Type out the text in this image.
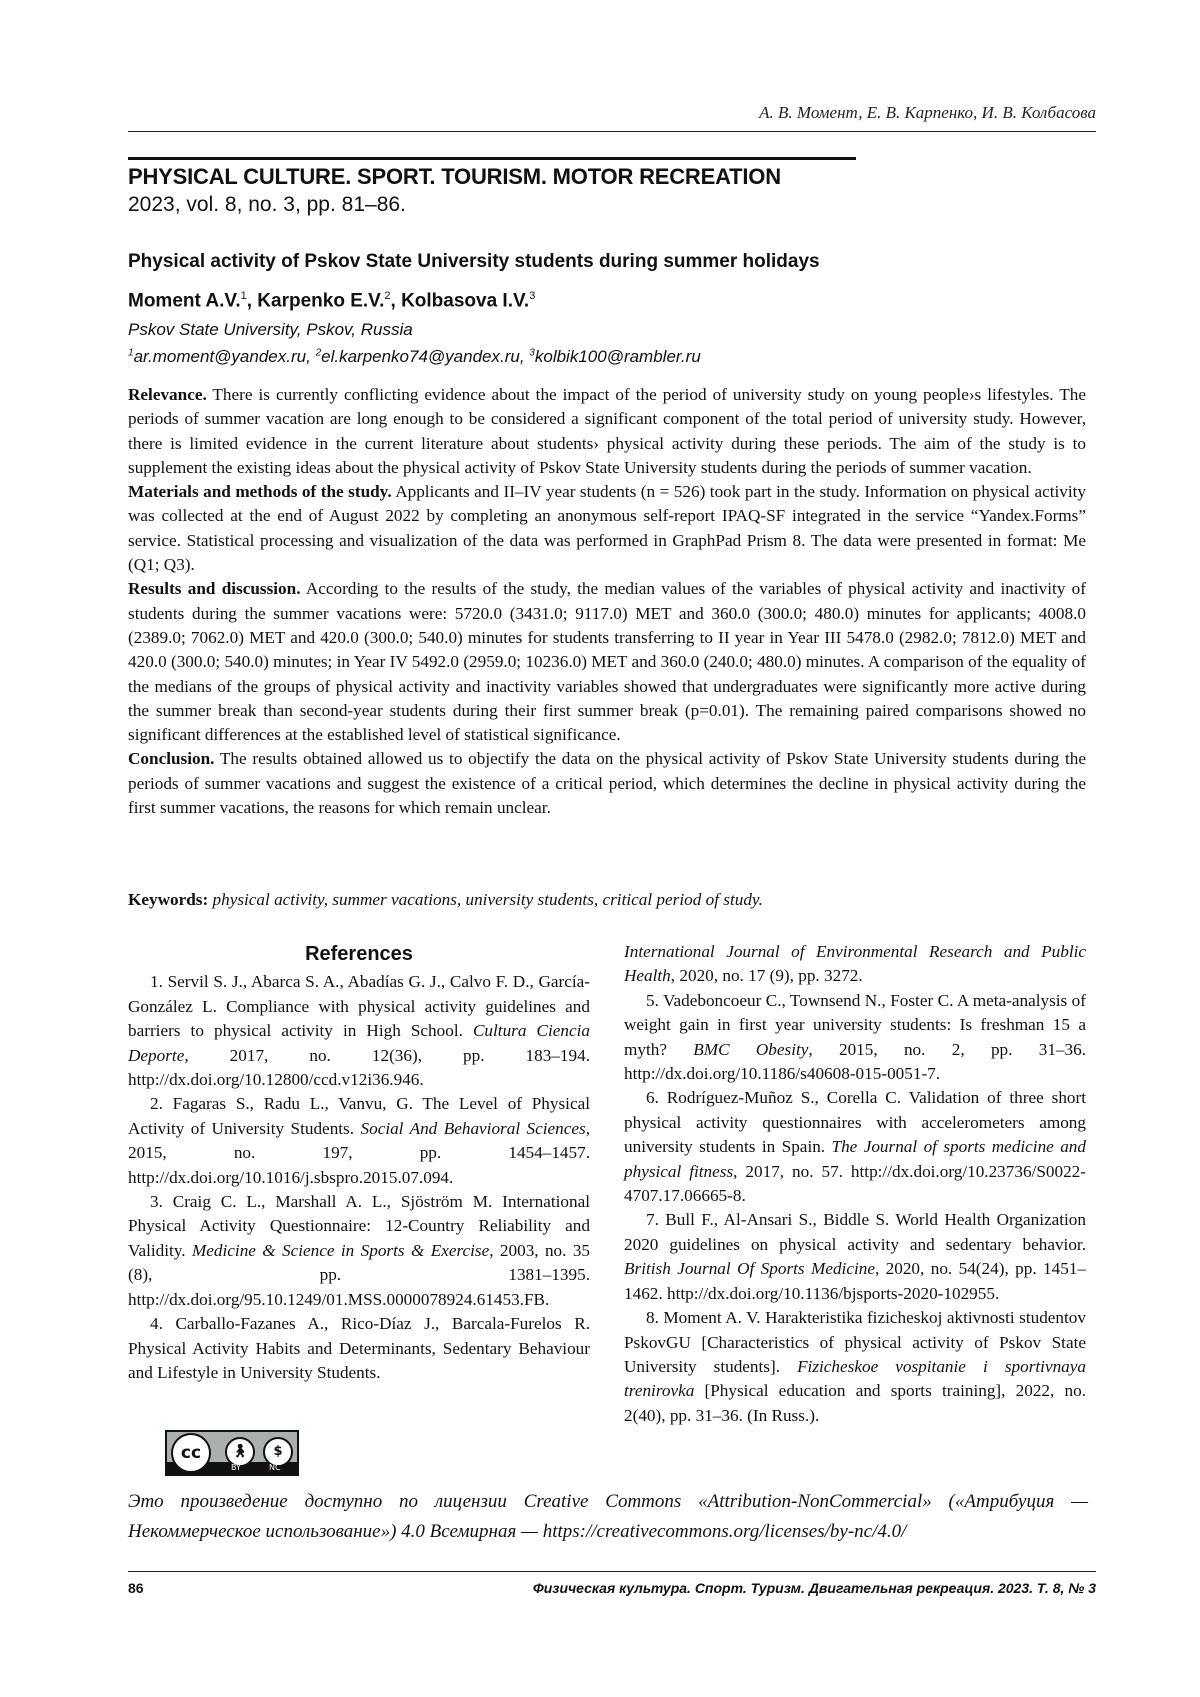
А. В. Момент, Е. В. Карпенко, И. В. Колбасова
PHYSICAL CULTURE. SPORT. TOURISM. MOTOR RECREATION
2023, vol. 8, no. 3, pp. 81–86.
Physical activity of Pskov State University students during summer holidays
Moment A.V.$^1$, Karpenko E.V.$^2$, Kolbasova I.V.$^3$
Pskov State University, Pskov, Russia
$^1$ar.moment@yandex.ru, $^2$el.karpenko74@yandex.ru, $^3$kolbik100@rambler.ru

Relevance. There is currently conflicting evidence about the impact of the period of university study on young people›s lifestyles. The periods of summer vacation are long enough to be considered a significant component of the total period of university study. However, there is limited evidence in the current literature about students› physical activity during these periods. The aim of the study is to supplement the existing ideas about the physical activity of Pskov State University students during the periods of summer vacation.

Materials and methods of the study. Applicants and II–IV year students (n = 526) took part in the study. Information on physical activity was collected at the end of August 2022 by completing an anonymous self-report IPAQ-SF integrated in the service “Yandex.Forms” service. Statistical processing and visualization of the data was performed in GraphPad Prism 8. The data were presented in format: Me (Q1; Q3).

Results and discussion. According to the results of the study, the median values of the variables of physical activity and inactivity of students during the summer vacations were: 5720.0 (3431.0; 9117.0) MET and 360.0 (300.0; 480.0) minutes for applicants; 4008.0 (2389.0; 7062.0) MET and 420.0 (300.0; 540.0) minutes for students transferring to II year in Year III 5478.0 (2982.0; 7812.0) MET and 420.0 (300.0; 540.0) minutes; in Year IV 5492.0 (2959.0; 10236.0) MET and 360.0 (240.0; 480.0) minutes. A comparison of the equality of the medians of the groups of physical activity and inactivity variables showed that undergraduates were significantly more active during the summer break than second-year students during their first summer break (p=0.01). The remaining paired comparisons showed no significant differences at the established level of statistical significance.

Conclusion. The results obtained allowed us to objectify the data on the physical activity of Pskov State University students during the periods of summer vacations and suggest the existence of a critical period, which determines the decline in physical activity during the first summer vacations, the reasons for which remain unclear.

Keywords: physical activity, summer vacations, university students, critical period of study.
References

1. Servil S. J., Abarca S. A., Abadías G. J., Calvo F. D., García-González L. Compliance with physical activity guidelines and barriers to physical activity in High School. Cultura Ciencia Deporte, 2017, no. 12(36), pp. 183–194. http://dx.doi.org/10.12800/ccd.v12i36.946.

2. Fagaras S., Radu L., Vanvu, G. The Level of Physical Activity of University Students. Social And Behavioral Sciences, 2015, no. 197, pp. 1454–1457. http://dx.doi.org/10.1016/j.sbspro.2015.07.094.

3. Craig C. L., Marshall A. L., Sjöström M. International Physical Activity Questionnaire: 12-Country Reliability and Validity. Medicine & Science in Sports & Exercise, 2003, no. 35 (8), pp. 1381–1395. http://dx.doi.org/95.10.1249/01.MSS.0000078924.61453.FB.

4. Carballo-Fazanes A., Rico-Díaz J., Barcala-Furelos R. Physical Activity Habits and Determinants, Sedentary Behaviour and Lifestyle in University Students.

International Journal of Environmental Research and Public Health, 2020, no. 17 (9), pp. 3272.

5. Vadeboncoeur C., Townsend N., Foster C. A meta-analysis of weight gain in first year university students: Is freshman 15 a myth? BMC Obesity, 2015, no. 2, pp. 31–36. http://dx.doi.org/10.1186/s40608-015-0051-7.

6. Rodríguez-Muñoz S., Corella C. Validation of three short physical activity questionnaires with accelerometers among university students in Spain. The Journal of sports medicine and physical fitness, 2017, no. 57. http://dx.doi.org/10.23736/S0022-4707.17.06665-8.

7. Bull F., Al-Ansari S., Biddle S. World Health Organization 2020 guidelines on physical activity and sedentary behavior. British Journal Of Sports Medicine, 2020, no. 54(24), pp. 1451–1462. http://dx.doi.org/10.1136/bjsports-2020-102955.

8. Moment A. V. Harakteristika fizicheskoj aktivnosti studentov PskovGU [Characteristics of physical activity of Pskov State University students]. Fizicheskoe vospitanie i sportivnaya trenirovka [Physical education and sports training], 2022, no. 2(40), pp. 31–36. (In Russ.).

cc	🚶︎	$
BY	NC
Это произведение доступно по лицензии Creative Commons «Attribution-NonCommercial» («Атрибуция — Некоммерческое использование») 4.0 Всемирная — https://creativecommons.org/licenses/by-nc/4.0/
86	Физическая культура. Спорт. Туризм. Двигательная рекреация. 2023. Т. 8, № 3
